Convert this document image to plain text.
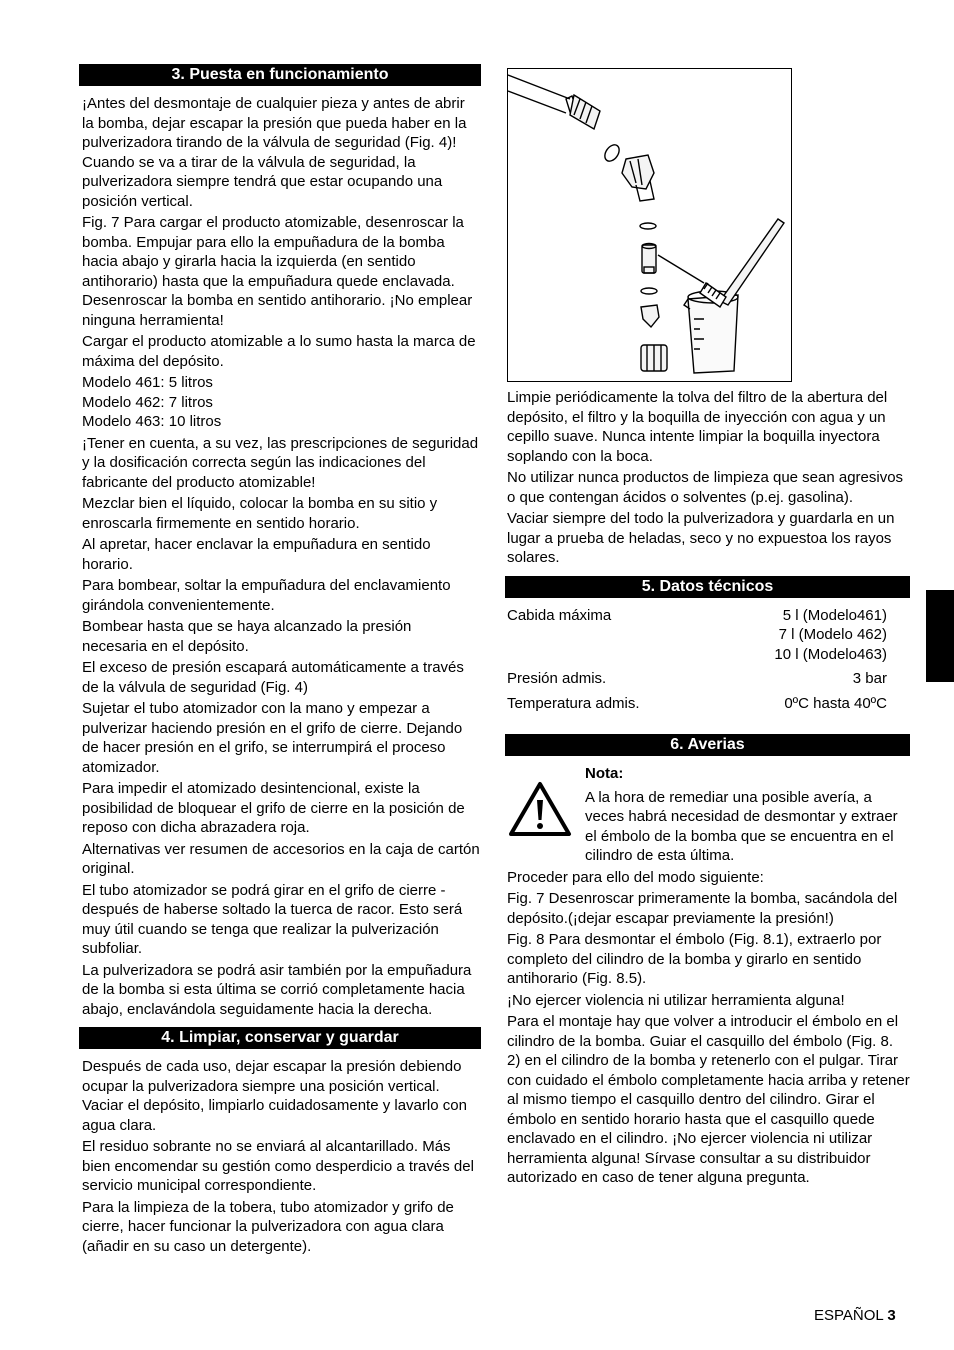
3. Puesta en funcionamiento

¡Antes del desmontaje de cualquier pieza y antes de abrir la bomba, dejar escapar la presión que pueda haber en la pulverizadora tirando de la válvula de seguridad (Fig. 4)! Cuando se va a tirar de la válvula de seguridad, la pulverizadora siempre tendrá que estar ocupando una posición vertical.

Fig. 7 Para cargar el producto atomizable, desenroscar la bomba. Empujar para ello la empuñadura de la bomba hacia abajo y girarla hacia la izquierda (en sentido antihorario) hasta que la empuñadura quede enclavada. Desenroscar la bomba en sentido antihorario. ¡No emplear ninguna herramienta!

Cargar el producto atomizable a lo sumo hasta la marca de máxima del depósito.

Modelo 461: 5 litros
Modelo 462: 7 litros
Modelo 463: 10 litros

¡Tener en cuenta, a su vez, las prescripciones de seguridad y la dosificación correcta según las indicaciones del fabricante del producto atomizable!

Mezclar bien el líquido, colocar la bomba en su sitio y enroscarla firmemente en sentido horario.

Al apretar, hacer enclavar la empuñadura en sentido horario.

Para bombear, soltar la empuñadura del enclavamiento girándola convenientemente.

Bombear hasta que se haya alcanzado la presión necesaria en el depósito.

El exceso de presión escapará automáticamente a través de la válvula de seguridad (Fig. 4)

Sujetar el tubo atomizador con la mano y empezar a pulverizar haciendo presión en el grifo de cierre. Dejando de hacer presión en el grifo, se interrumpirá el proceso atomizador.

Para impedir el atomizado desintencional, existe la posibilidad de bloquear el grifo de cierre en la posición de reposo con dicha abrazadera roja.

Alternativas ver resumen de accesorios en la caja de cartón original.

El tubo atomizador se podrá girar en el grifo de cierre - después de haberse soltado la tuerca de racor. Esto será muy útil cuando se tenga que realizar la pulverización subfoliar.

La pulverizadora se podrá asir también por la empuñadura de la bomba si esta última se corrió completamente hacia abajo, enclavándola seguidamente hacia la derecha.

4. Limpiar, conservar y guardar

Después de cada uso, dejar escapar la presión debiendo ocupar la pulverizadora siempre una posición vertical. Vaciar el depósito, limpiarlo cuidadosamente y lavarlo con agua clara.

El residuo sobrante no se enviará al alcantarillado. Más bien encomendar su gestión como desperdicio a través del servicio municipal correspondiente.

Para la limpieza de la tobera, tubo atomizador y grifo de cierre, hacer funcionar la pulverizadora con agua clara (añadir en su caso un detergente).

Limpie periódicamente la tolva del filtro de la abertura del depósito, el filtro y la boquilla de inyección con agua y un cepillo suave. Nunca intente limpiar la boquilla inyectora soplando con la boca.

No utilizar nunca productos de limpieza que sean agresivos o que contengan ácidos o solventes (p.ej. gasolina).

Vaciar siempre del todo la pulverizadora y guardarla en un lugar a prueba de heladas, seco y no expuestoa los rayos solares.

5. Datos técnicos
Cabida máxima	5 l (Modelo461)
	7 l (Modelo 462)
	10 l (Modelo463)
Presión admis.	3 bar
Temperatura admis.	0ºC hasta 40ºC
6. Averias
Nota:
A la hora de remediar una posible avería, a veces habrá necesidad de desmontar y extraer el émbolo de la bomba que se encuentra en el cilindro de esta última.

Proceder para ello del modo siguiente:

Fig. 7 Desenroscar primeramente la bomba, sacándola del depósito.(¡dejar escapar previamente la presión!)

Fig. 8 Para desmontar el émbolo (Fig. 8.1), extraerlo por completo del cilindro de la bomba y girarlo en sentido antihorario (Fig. 8.5).

¡No ejercer violencia ni utilizar herramienta alguna!

Para el montaje hay que volver a introducir el émbolo en el cilindro de la bomba. Guiar el casquillo del émbolo (Fig. 8. 2) en el cilindro de la bomba y retenerlo con el pulgar. Tirar con cuidado el émbolo completamente hacia arriba y retener al mismo tiempo el casquillo dentro del cilindro. Girar el émbolo en sentido horario hasta que el casquillo quede enclavado en el cilindro. ¡No ejercer violencia ni utilizar herramienta alguna! Sírvase consultar a su distribuidor autorizado en caso de tener alguna pregunta.

ESPAÑOL 3
